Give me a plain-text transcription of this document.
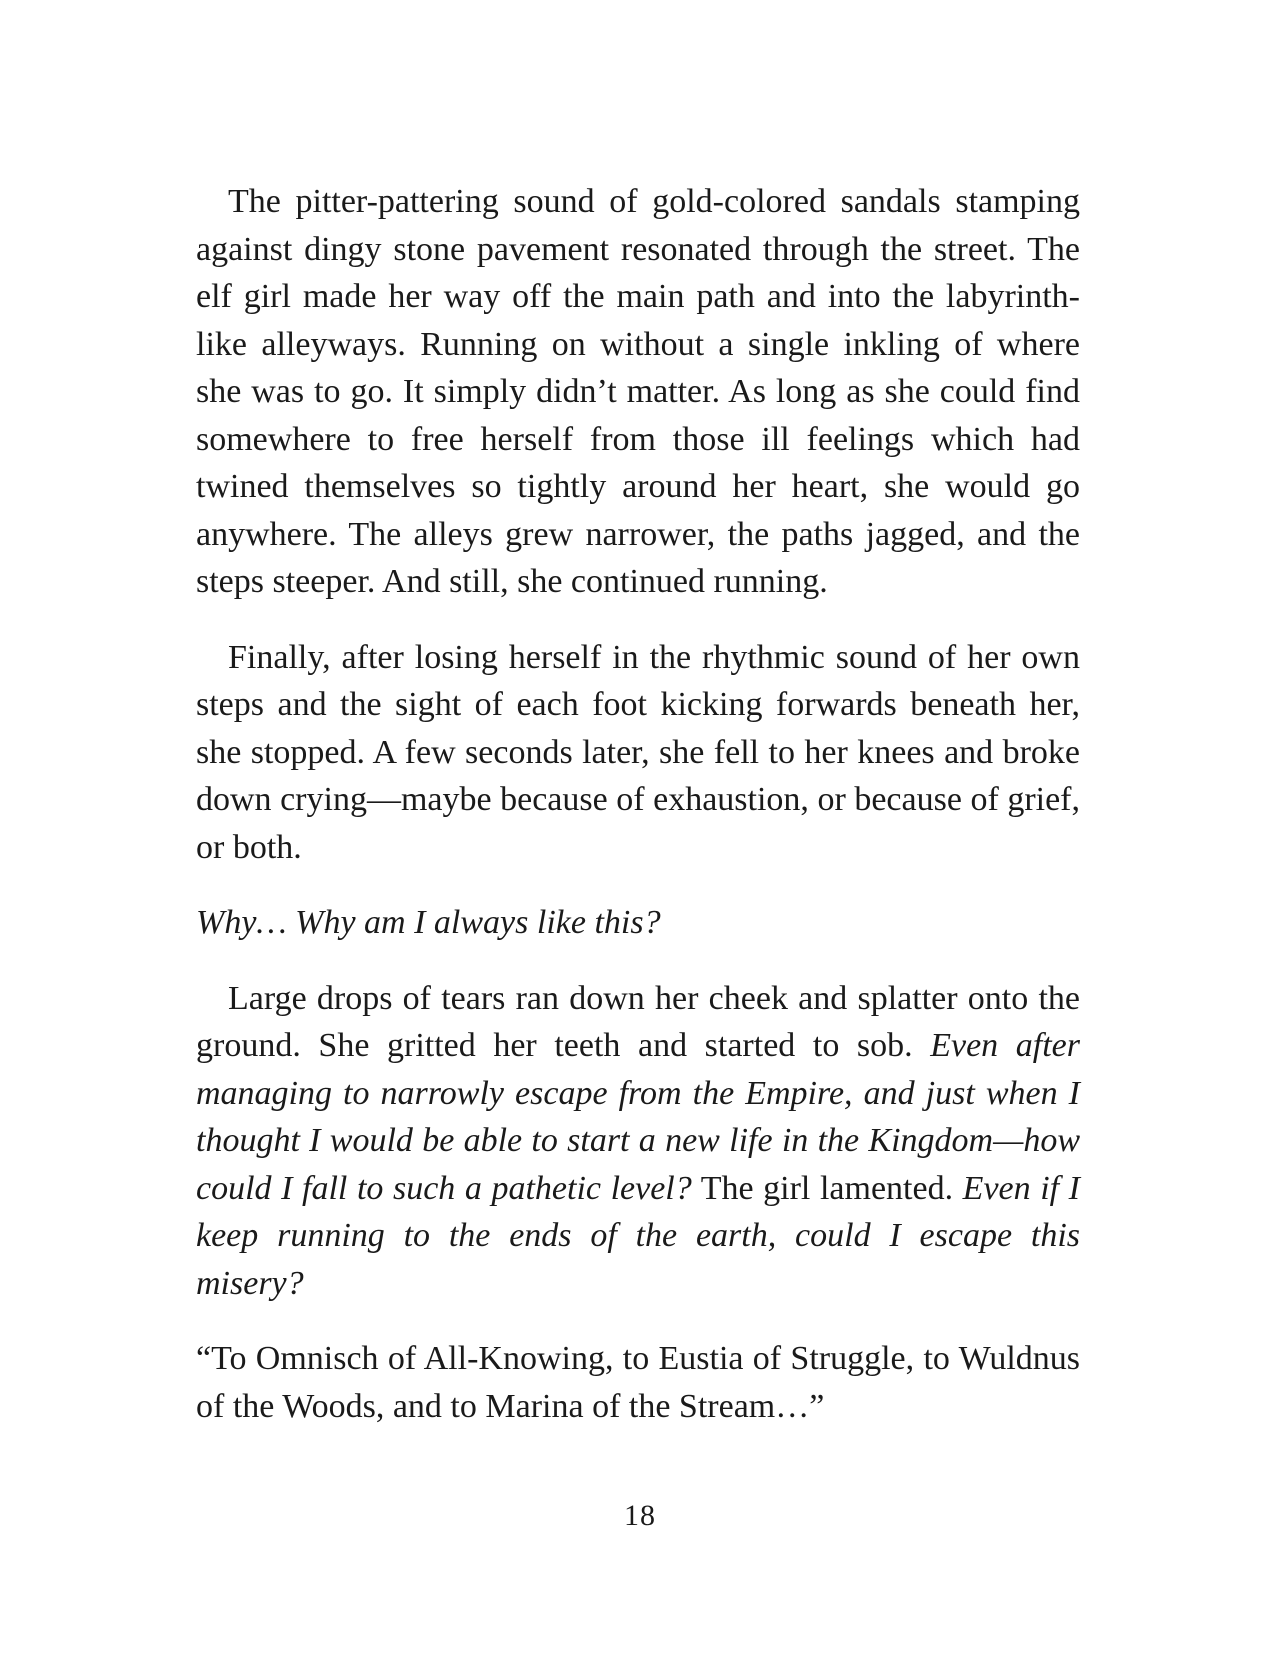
The pitter-pattering sound of gold-colored sandals stamping against dingy stone pavement resonated through the street. The elf girl made her way off the main path and into the labyrinth-like alleyways. Running on without a single inkling of where she was to go. It simply didn’t matter. As long as she could find somewhere to free herself from those ill feelings which had twined themselves so tightly around her heart, she would go anywhere. The alleys grew narrower, the paths jagged, and the steps steeper. And still, she continued running.

Finally, after losing herself in the rhythmic sound of her own steps and the sight of each foot kicking forwards beneath her, she stopped. A few seconds later, she fell to her knees and broke down crying—maybe because of exhaustion, or because of grief, or both.

Why… Why am I always like this?

Large drops of tears ran down her cheek and splatter onto the ground. She gritted her teeth and started to sob. Even after managing to narrowly escape from the Empire, and just when I thought I would be able to start a new life in the Kingdom—how could I fall to such a pathetic level? The girl lamented. Even if I keep running to the ends of the earth, could I escape this misery?

“To Omnisch of All-Knowing, to Eustia of Struggle, to Wuldnus of the Woods, and to Marina of the Stream…”

18
